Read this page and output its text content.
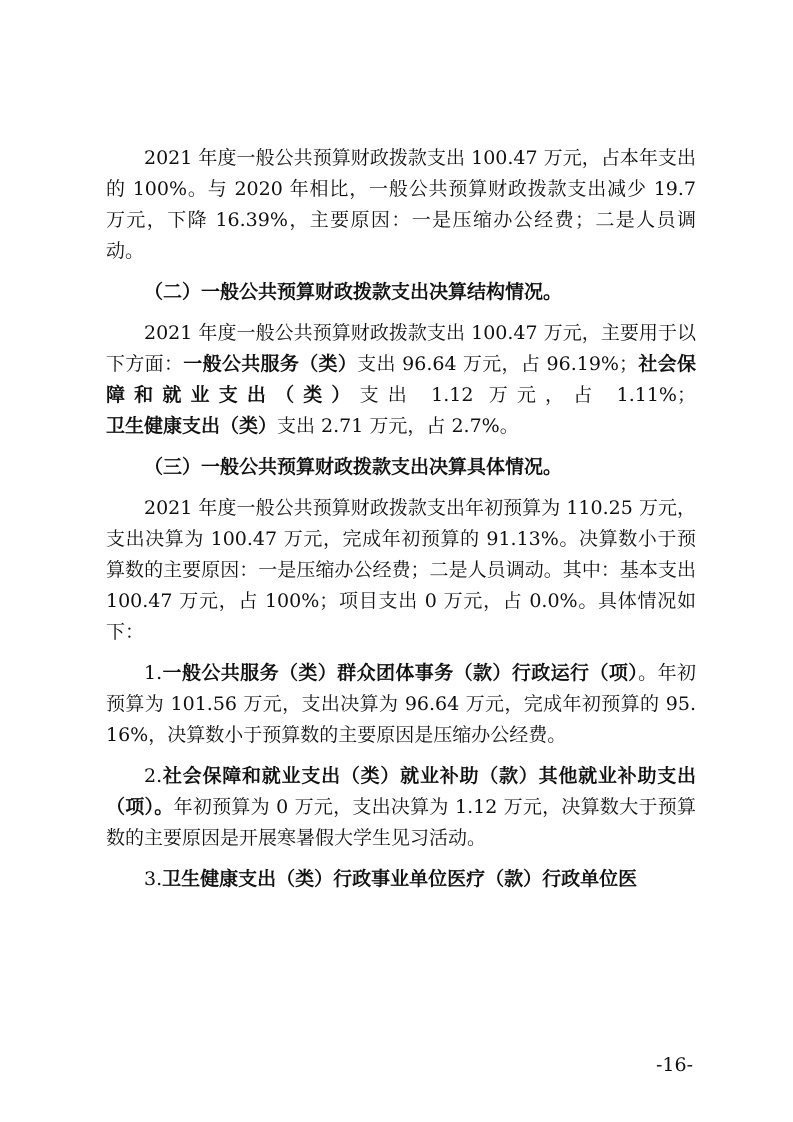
2021 年度一般公共预算财政拨款支出 100.47 万元，占本年支出的 100%。与 2020 年相比，一般公共预算财政拨款支出减少 19.7 万元，下降 16.39%，主要原因：一是压缩办公经费；二是人员调动。

（二）一般公共预算财政拨款支出决算结构情况。

2021 年度一般公共预算财政拨款支出 100.47 万元，主要用于以下方面：一般公共服务（类）支出 96.64 万元，占 96.19%；社会保障和就业支出（类）支出 1.12 万元，占 1.11%；卫生健康支出（类）支出 2.71 万元，占 2.7%。

（三）一般公共预算财政拨款支出决算具体情况。

2021 年度一般公共预算财政拨款支出年初预算为 110.25 万元，支出决算为 100.47 万元，完成年初预算的 91.13%。决算数小于预算数的主要原因：一是压缩办公经费；二是人员调动。其中：基本支出 100.47 万元，占 100%；项目支出 0 万元，占 0.0%。具体情况如下：

1.一般公共服务（类）群众团体事务（款）行政运行（项）。年初预算为 101.56 万元，支出决算为 96.64 万元，完成年初预算的 95.16%，决算数小于预算数的主要原因是压缩办公经费。

2.社会保障和就业支出（类）就业补助（款）其他就业补助支出（项）。年初预算为 0 万元，支出决算为 1.12 万元，决算数大于预算数的主要原因是开展寒暑假大学生见习活动。

3.卫生健康支出（类）行政事业单位医疗（款）行政单位医

-16-
